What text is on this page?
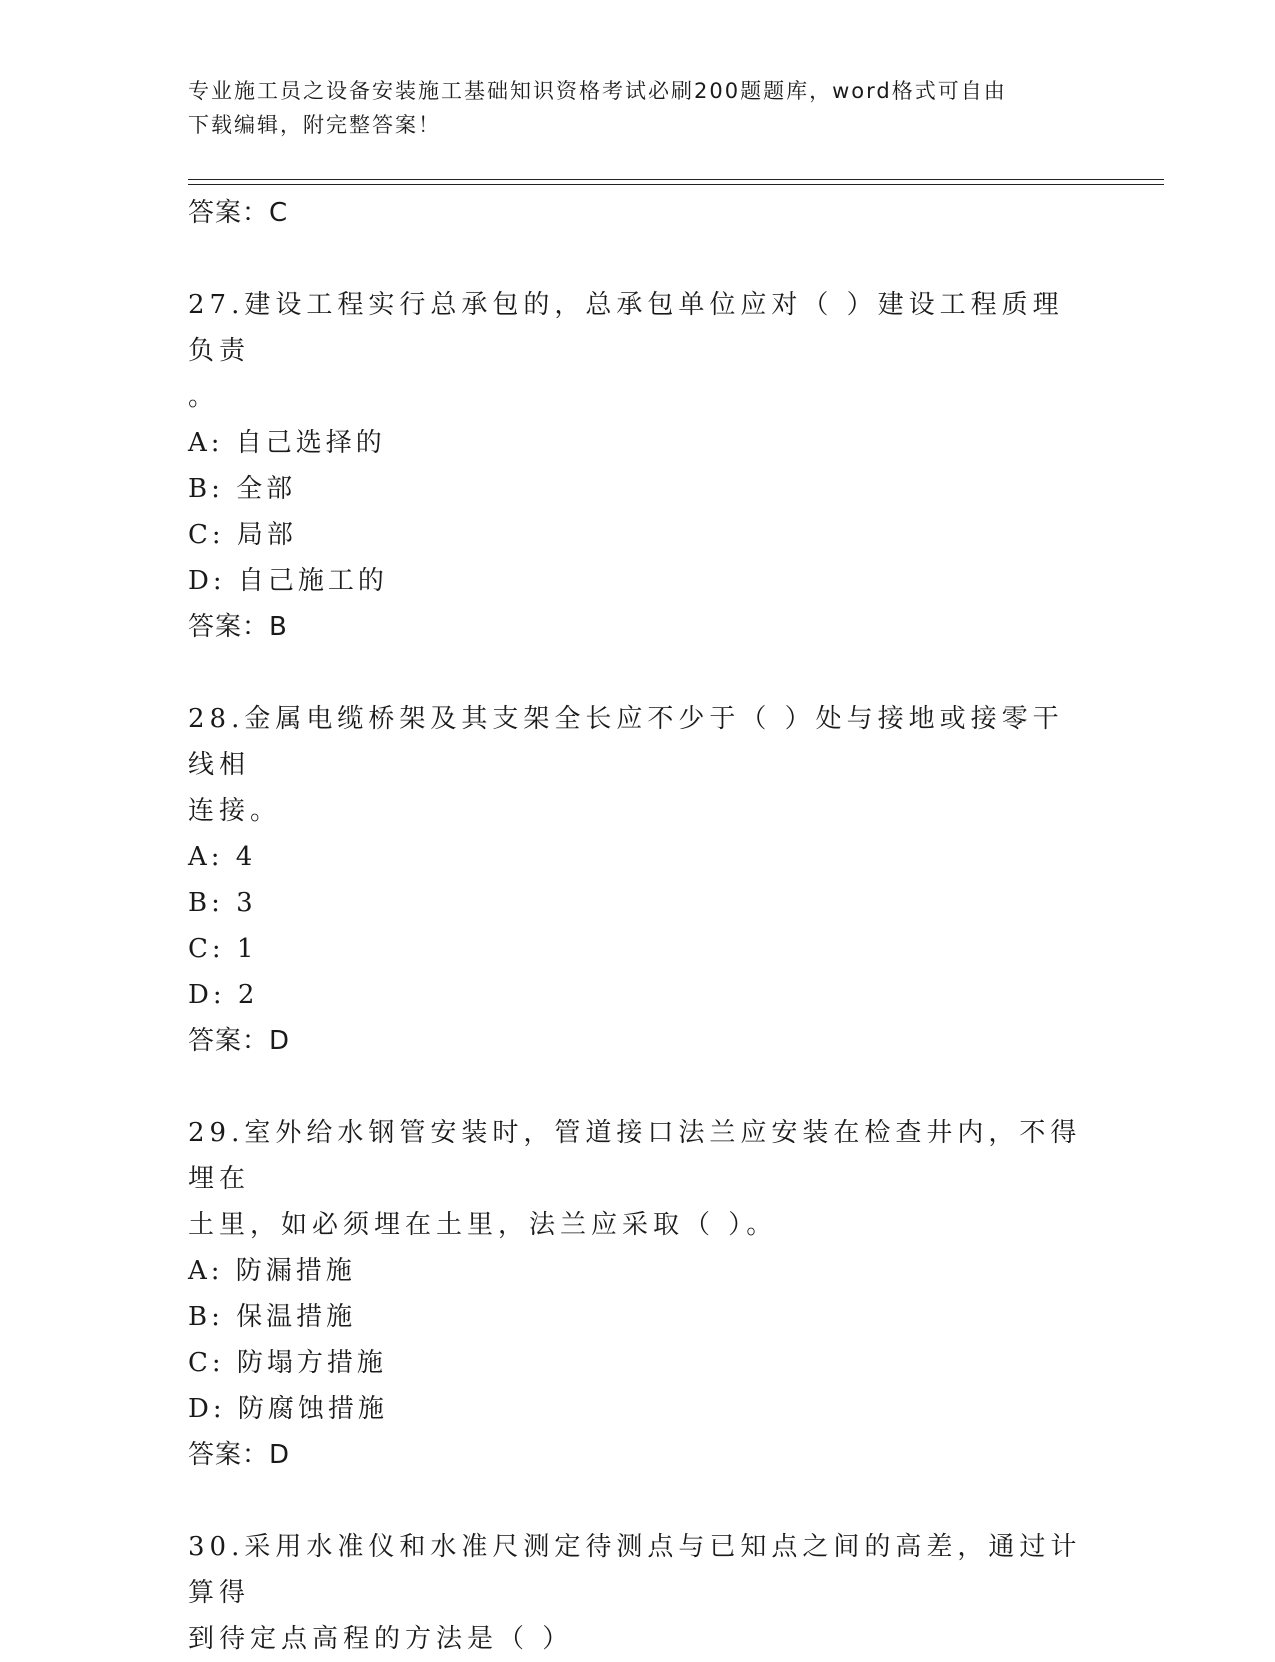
专业施工员之设备安装施工基础知识资格考试必刷200题题库，word格式可自由
下载编辑，附完整答案！
答案：C
27.建设工程实行总承包的，总承包单位应对（ ）建设工程质理负责
。
A: 自己选择的
B: 全部
C: 局部
D: 自己施工的
答案：B
28.金属电缆桥架及其支架全长应不少于（ ）处与接地或接零干线相
连接。
A: 4
B: 3
C: 1
D: 2
答案：D
29.室外给水钢管安装时，管道接口法兰应安装在检查井内，不得埋在
土里，如必须埋在土里，法兰应采取（ ）。
A: 防漏措施
B: 保温措施
C: 防塌方措施
D: 防腐蚀措施
答案：D
30.采用水准仪和水准尺测定待测点与已知点之间的高差，通过计算得
到待定点高程的方法是（ ）
